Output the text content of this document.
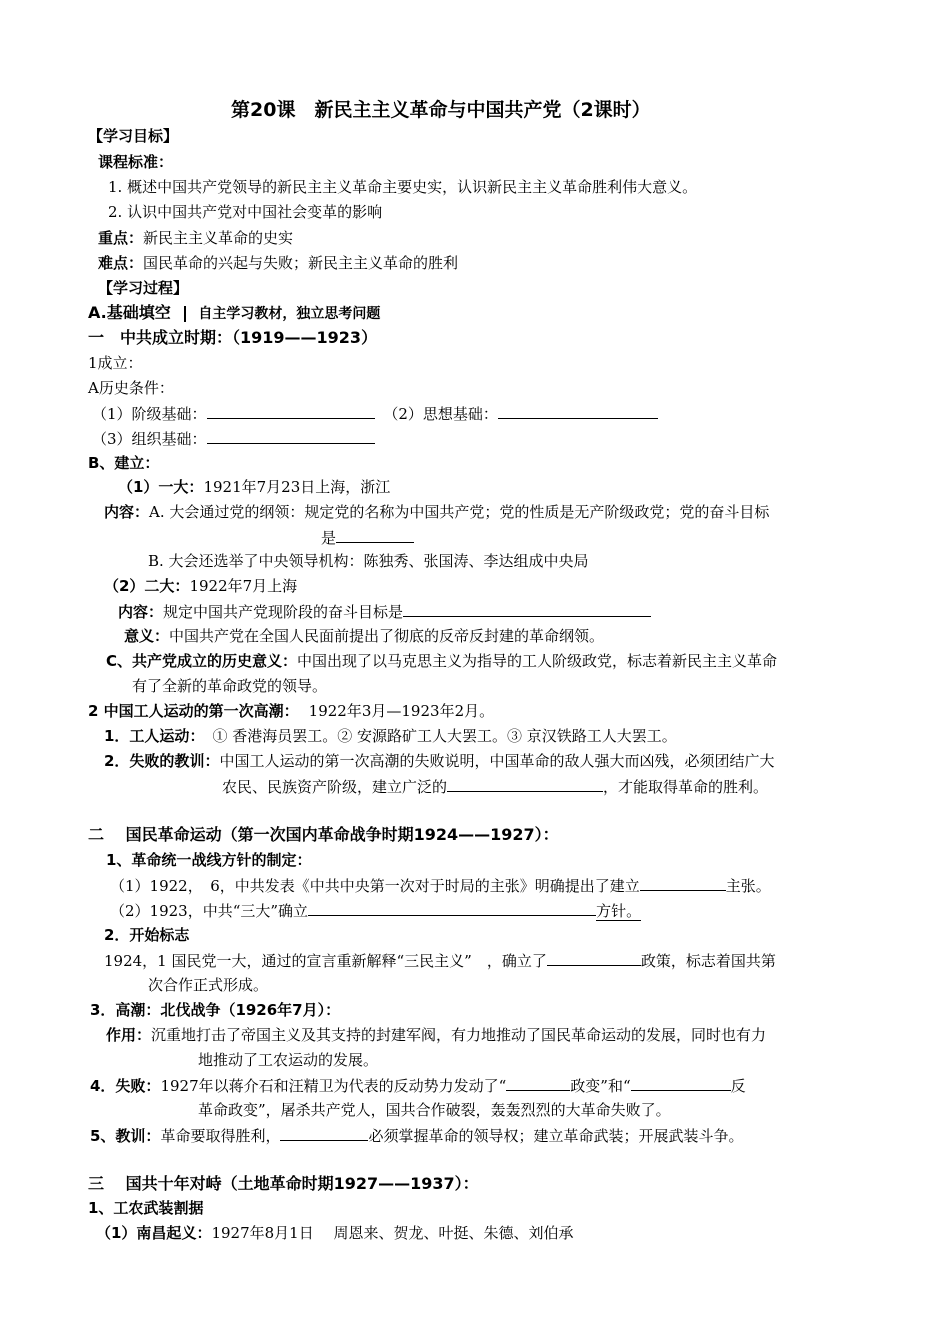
第20课　新民主主义革命与中国共产党（2课时）
【学习目标】
课程标准：
1. 概述中国共产党领导的新民主主义革命主要史实，认识新民主主义革命胜利伟大意义。
2. 认识中国共产党对中国社会变革的影响
重点：新民主主义革命的史实
难点：国民革命的兴起与失败；新民主主义革命的胜利
【学习过程】
A.基础填空 自主学习教材，独立思考问题
一　中共成立时期：（1919——1923）
1成立：
A历史条件：
（1）阶级基础：	（2）思想基础：
（3）组织基础：
B、建立：
（1）一大：1921年7月23日上海，浙江
内容：A. 大会通过党的纲领：规定党的名称为中国共产党；党的性质是无产阶级政党；党的奋斗目标
是
B. 大会还选举了中央领导机构：陈独秀、张国涛、李达组成中央局
（2）二大：1922年7月上海
内容：规定中国共产党现阶段的奋斗目标是
意义：中国共产党在全国人民面前提出了彻底的反帝反封建的革命纲领。
C、共产党成立的历史意义：中国出现了以马克思主义为指导的工人阶级政党，标志着新民主主义革命
有了全新的革命政党的领导。
2 中国工人运动的第一次高潮： 1922年3月—1923年2月。
1．工人运动： ① 香港海员罢工。② 安源路矿工人大罢工。③ 京汉铁路工人大罢工。
2．失败的教训：中国工人运动的第一次高潮的失败说明，中国革命的敌人强大而凶残，必须团结广大
农民、民族资产阶级，建立广泛的	，才能取得革命的胜利。
二　 国民革命运动（第一次国内革命战争时期1924——1927）：
1、革命统一战线方针的制定：
（1）1922，　6，中共发表《中共中央第一次对于时局的主张》明确提出了建立	主张。
（2）1923，中共“三大”确立	方针。
2．开始标志
1924，1 国民党一大，通过的宣言重新解释“三民主义”　，确立了	政策，标志着国共第
次合作正式形成。
3．高潮：北伐战争（1926年7月）：
作用：沉重地打击了帝国主义及其支持的封建军阀，有力地推动了国民革命运动的发展，同时也有力
地推动了工农运动的发展。
4．失败：1927年以蒋介石和汪精卫为代表的反动势力发动了“	政变”和“	反
革命政变”，屠杀共产党人，国共合作破裂，轰轰烈烈的大革命失败了。
5、教训：革命要取得胜利，	必须掌握革命的领导权；建立革命武装；开展武装斗争。
三　 国共十年对峙（土地革命时期1927——1937）：
1、工农武装割据
（1）南昌起义：1927年8月1日　 周恩来、贺龙、叶挺、朱德、刘伯承
